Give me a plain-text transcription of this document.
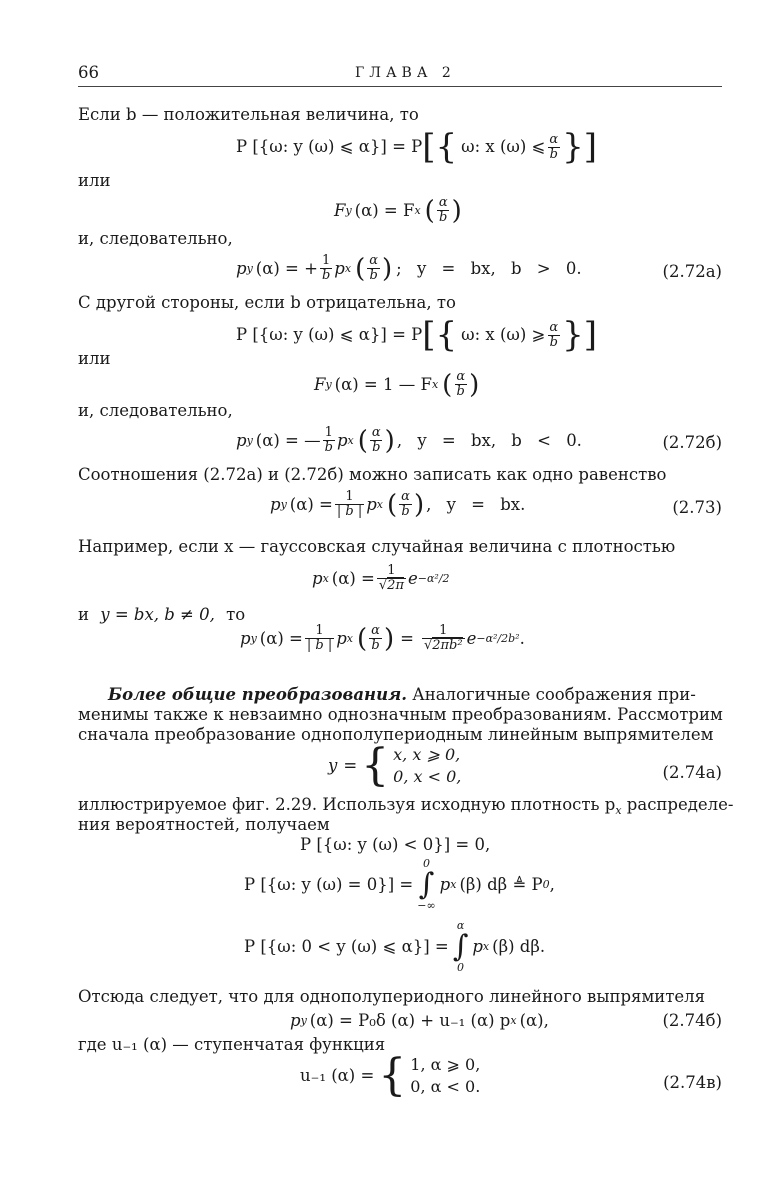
66	ГЛАВА 2
Если b — положительная величина, то
P [{ω: y (ω) ⩽ α}] = P [ { ω: x (ω) ⩽ $\frac{\alpha}{b}$ } ]
или
F y (α) = F x ( $\frac{\alpha}{b}$ )
и, следовательно,
p y (α) = + $\frac{1}{b}$ p x ( $\frac{\alpha}{b}$ ) ; y = bx, b > 0.	(2.72а)
С другой стороны, если b отрицательна, то
P [{ω: y (ω) ⩽ α}] = P [ { ω: x (ω) ⩾ $\frac{\alpha}{b}$ } ]
или
F y (α) = 1 — F x ( $\frac{\alpha}{b}$ )
и, следовательно,
p y (α) = — $\frac{1}{b}$ p x ( $\frac{\alpha}{b}$ ) , y = bx, b < 0.	(2.72б)
Соотношения (2.72а) и (2.72б) можно записать как одно равенство
p y $(\alpha) = \frac{1}{| b |}$ p x ( $\frac{\alpha}{b}$ ) , y = bx.	(2.73)
Например, если x — гауссовская случайная величина с плотностью
p x $(\alpha) = \frac{1}{√2\pi}$ e −α²/2
и y = bx, b ≠ 0, то
p y $(\alpha) = \frac{1}{| b |}$ p x ( $\frac{\alpha}{b}$ ) = $\frac{1}{\text{√2πb²}}$ e −α²/2b² .
Более общие преобразования. Аналогичные соображения при-
менимы также к невзаимно однозначным преобразованиям. Рассмотрим
сначала преобразование однополупериодным линейным выпрямителем
y = { x, x ⩾ 0,
0, x < 0,	(2.74а)
иллюстрируемое фиг. 2.29. Используя исходную плотность $p_x$ распределе-
ния вероятностей, получаем
P [{ω: y (ω) < 0}] = 0,
P [{ω: y (ω) = 0}] =
0
∫
−∞
p x (β) dβ ≜ P 0 ,
P [{ω: 0 < y (ω) ⩽ α}] =
α
∫
0
p x (β) dβ.
Отсюда следует, что для однополупериодного линейного выпрямителя
p y (α) = P₀δ (α) + u₋₁ (α) p x (α),	(2.74б)
где u₋₁ (α) — ступенчатая функция
u₋₁ (α) = { 1, α ⩾ 0,
0, α < 0.	(2.74в)
